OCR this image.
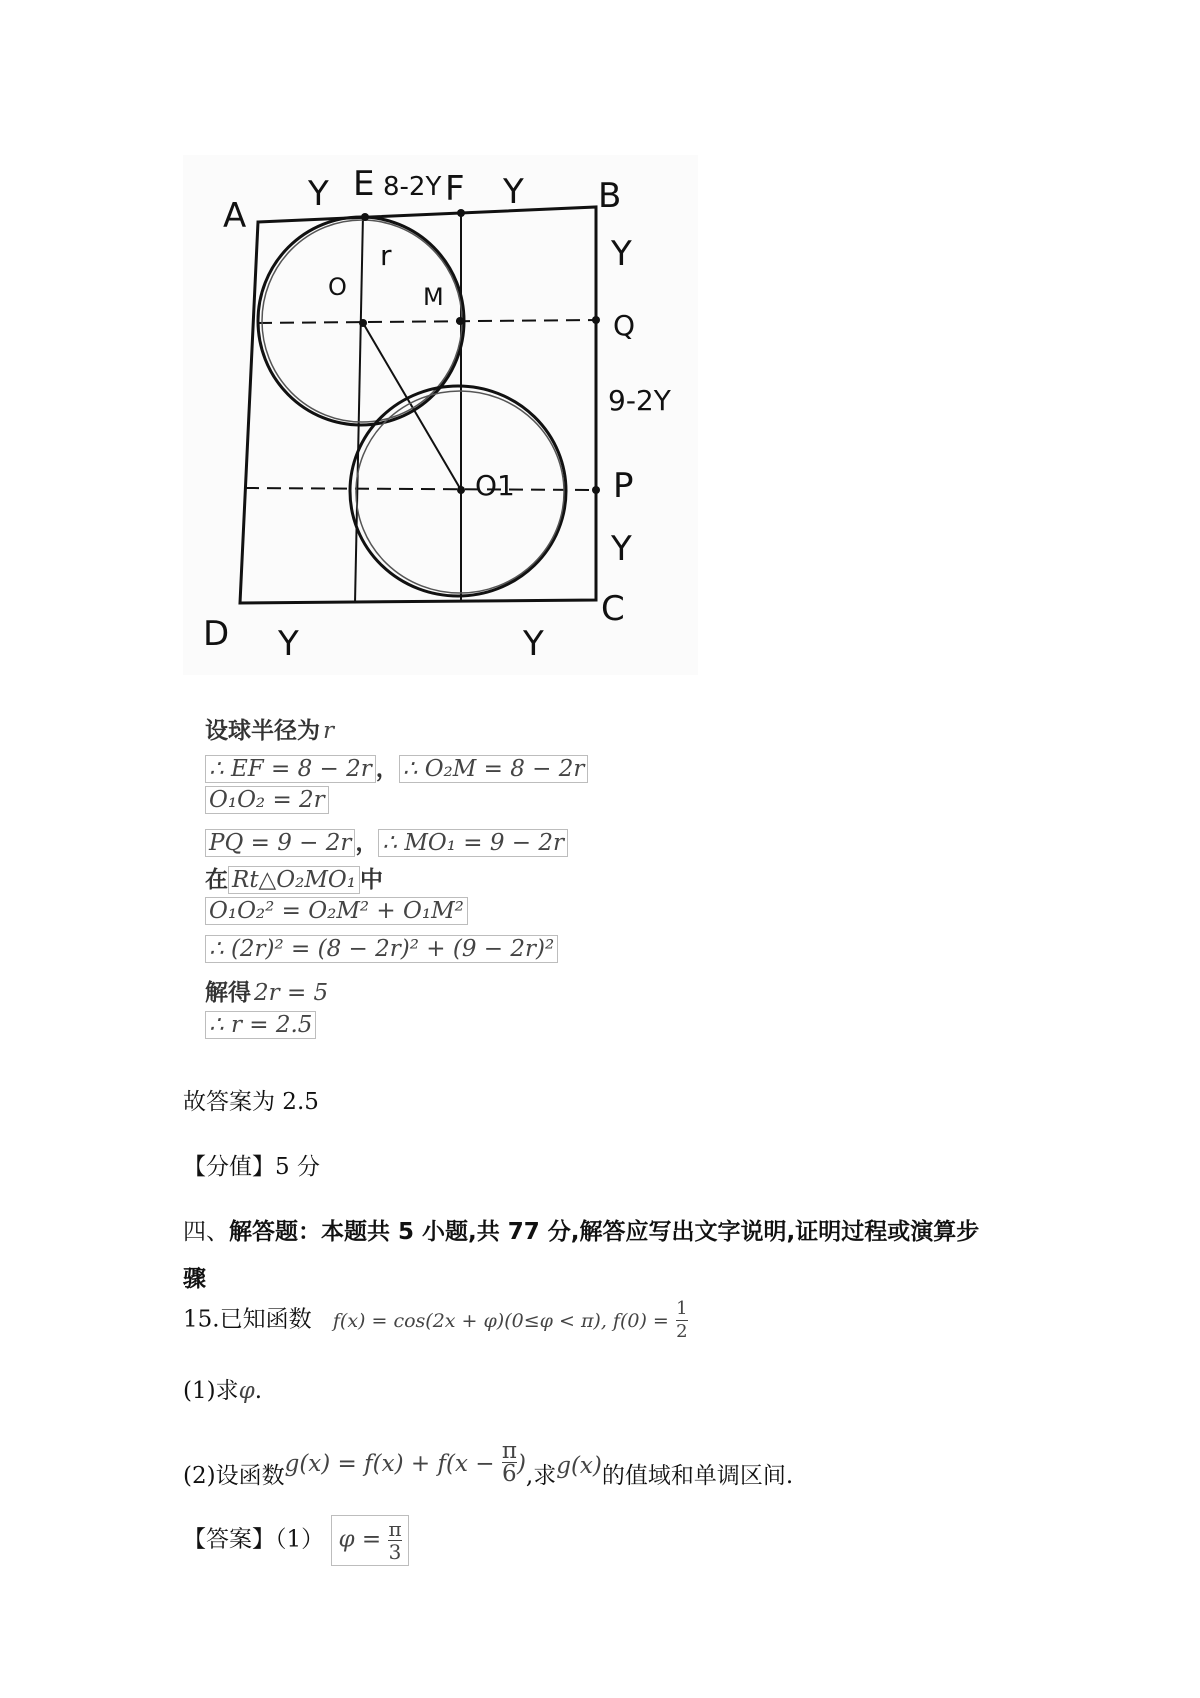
A	B
C
D
E F
M
Q
P
O
O1
Y 8-2Y Y
Y
9-2Y
Y
Y	Y
r
设球半径为 r
∴ EF = 8 − 2r ， ∴ O₂M = 8 − 2r
O₁O₂ = 2r
PQ = 9 − 2r ， ∴ MO₁ = 9 − 2r
在 Rt△O₂MO₁ 中
O₁O₂² = O₂M² + O₁M²
∴ (2r)² = (8 − 2r)² + (9 − 2r)²
解得 2r = 5
∴ r = 2.5
故答案为 2.5
【分值】5 分
四、解答题：本题共 5 小题,共 77 分,解答应写出文字说明,证明过程或演算步
骤
15.已知函数 f(x) = cos(2x + φ)(0≤φ < π), $f(0) = \frac{1}{2}$
(1)求φ.
(2)设函数$g(x) = f(x) + f(x - \frac{\pi}{6}$ ),求g(x)的值域和单调区间.
【答案】（1） $\varphi = \frac{\pi}{3}$
